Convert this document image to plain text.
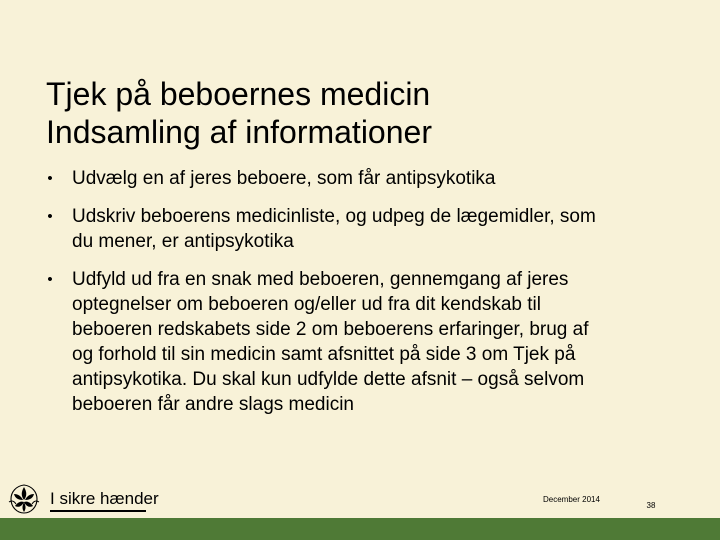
Tjek på beboernes medicin
Indsamling af informationer
• Udvælg en af jeres beboere, som får antipsykotika
• Udskriv beboerens medicinliste, og udpeg de lægemidler, som
du mener, er antipsykotika
• Udfyld ud fra en snak med beboeren, gennemgang af jeres
optegnelser om beboeren og/eller ud fra dit kendskab til
beboeren redskabets side 2 om beboerens erfaringer, brug af
og forhold til sin medicin samt afsnittet på side 3 om Tjek på
antipsykotika. Du skal kun udfylde dette afsnit – også selvom
beboeren får andre slags medicin
I sikre hænder	December 2014
38
